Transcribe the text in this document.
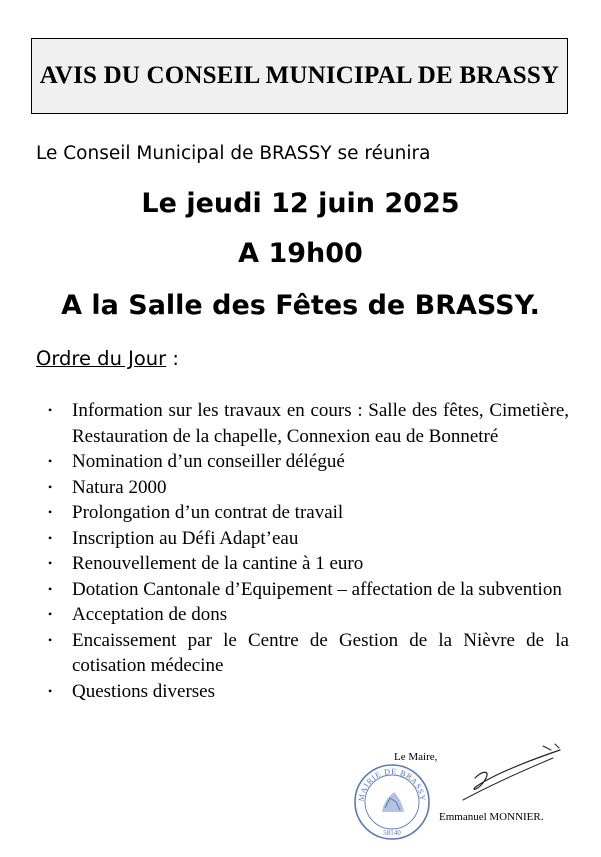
AVIS DU CONSEIL MUNICIPAL DE BRASSY
Le Conseil Municipal de BRASSY se réunira
Le jeudi 12 juin 2025
A 19h00
A la Salle des Fêtes de BRASSY.
Ordre du Jour :
• Information sur les travaux en cours : Salle des fêtes, Cimetière, Restauration de la chapelle, Connexion eau de Bonnetré
• Nomination d’un conseiller délégué
• Natura 2000
• Prolongation d’un contrat de travail
• Inscription au Défi Adapt’eau
• Renouvellement de la cantine à 1 euro
• Dotation Cantonale d’Equipement – affectation de la subvention
• Acceptation de dons
• Encaissement par le Centre de Gestion de la Nièvre de la cotisation médecine
• Questions diverses
Le Maire,
MAIRIE DE BRASSY
58140
Emmanuel MONNIER.
